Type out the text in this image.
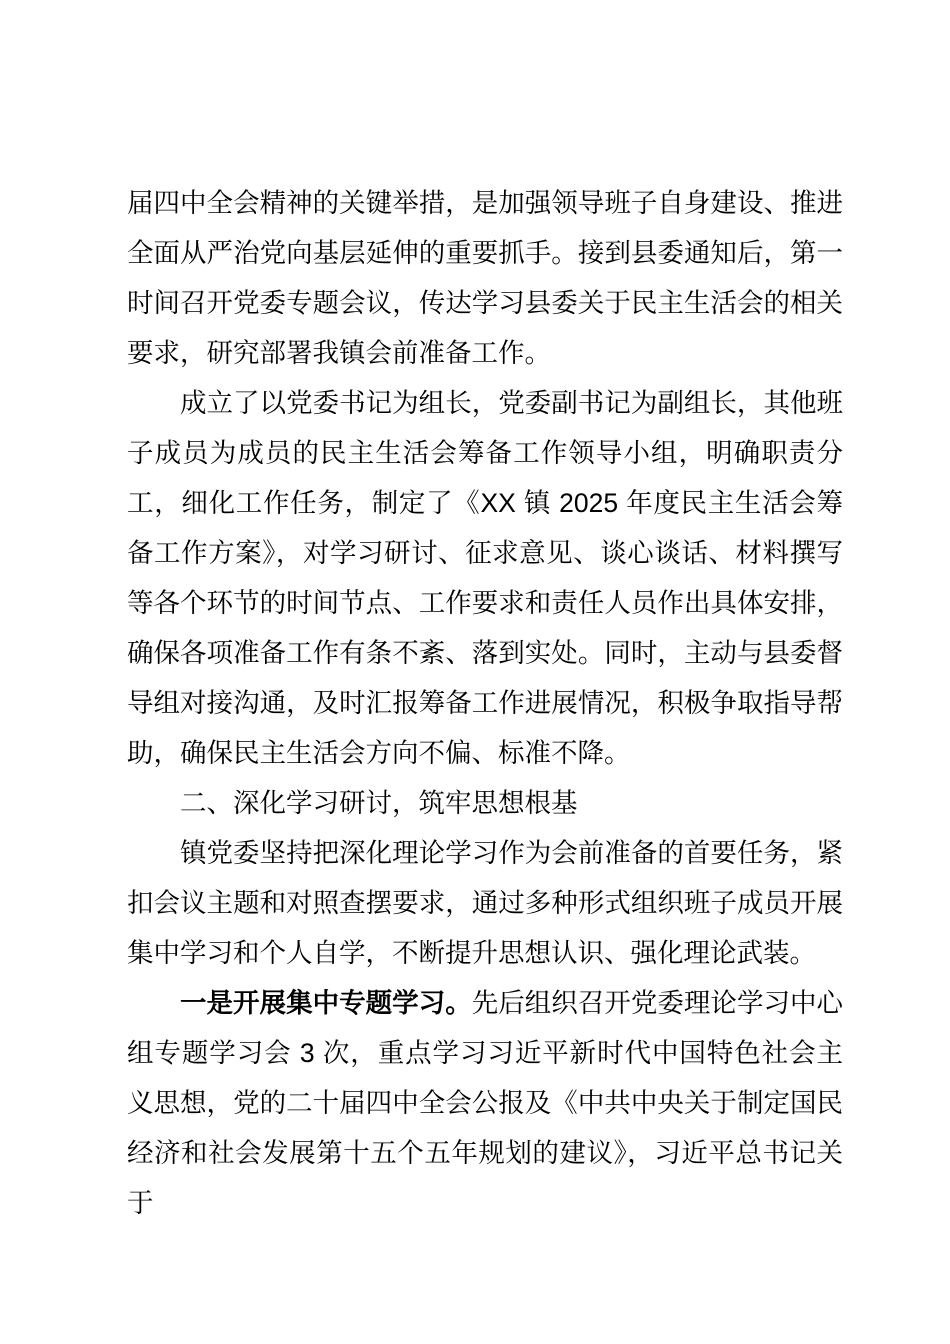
届四中全会精神的关键举措，是加强领导班子自身建设、推进全面从严治党向基层延伸的重要抓手。接到县委通知后，第一时间召开党委专题会议，传达学习县委关于民主生活会的相关要求，研究部署我镇会前准备工作。

成立了以党委书记为组长，党委副书记为副组长，其他班子成员为成员的民主生活会筹备工作领导小组，明确职责分工，细化工作任务，制定了《XX 镇 2025 年度民主生活会筹备工作方案》，对学习研讨、征求意见、谈心谈话、材料撰写等各个环节的时间节点、工作要求和责任人员作出具体安排，确保各项准备工作有条不紊、落到实处。同时，主动与县委督导组对接沟通，及时汇报筹备工作进展情况，积极争取指导帮助，确保民主生活会方向不偏、标准不降。

二、深化学习研讨，筑牢思想根基

镇党委坚持把深化理论学习作为会前准备的首要任务，紧扣会议主题和对照查摆要求，通过多种形式组织班子成员开展集中学习和个人自学，不断提升思想认识、强化理论武装。

一是开展集中专题学习。先后组织召开党委理论学习中心组专题学习会 3 次，重点学习习近平新时代中国特色社会主义思想，党的二十届四中全会公报及《中共中央关于制定国民经济和社会发展第十五个五年规划的建议》，习近平总书记关于
